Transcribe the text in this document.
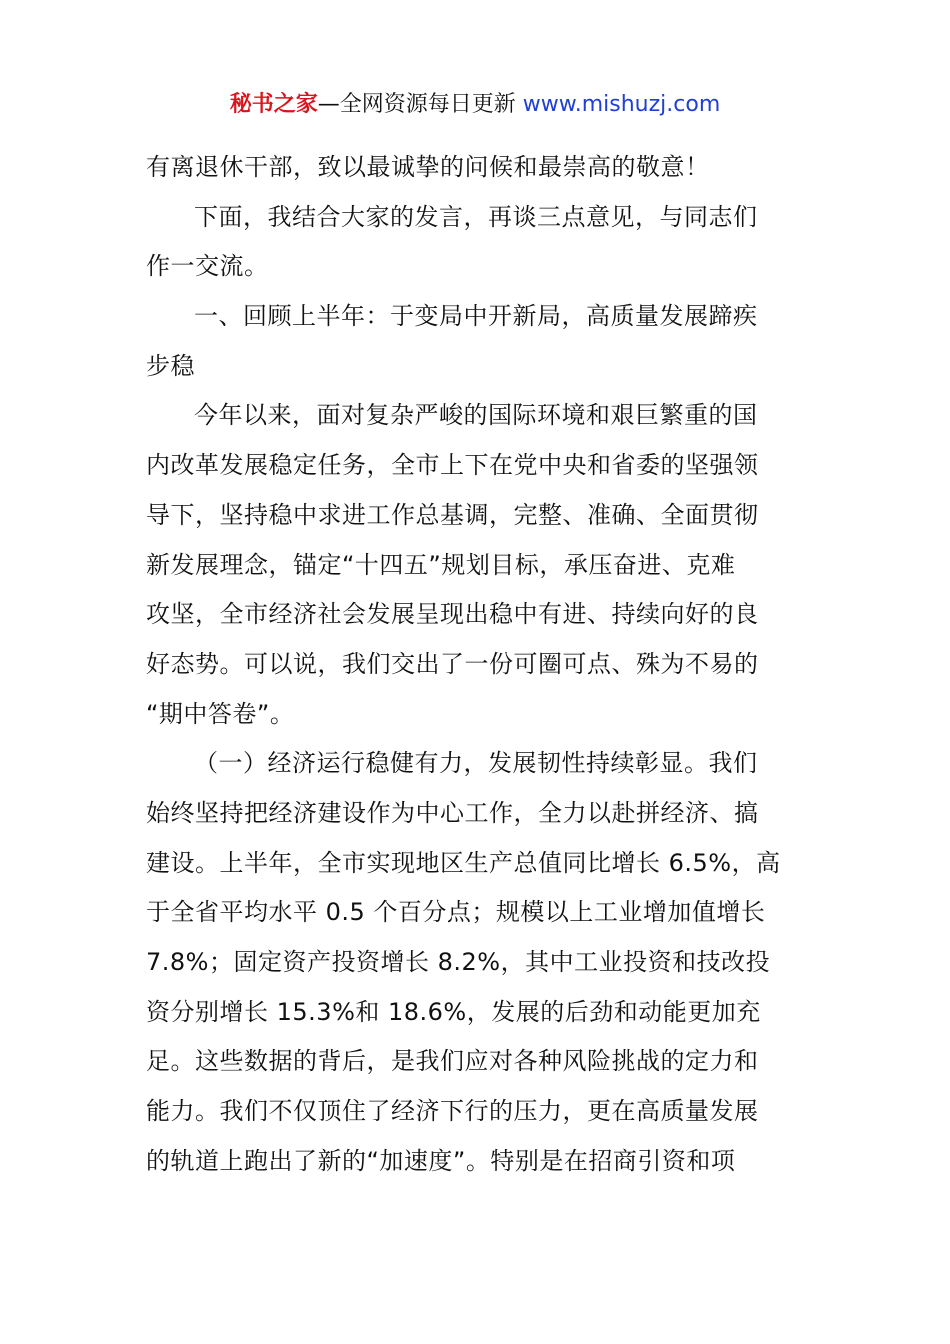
秘书之家—全网资源每日更新 www.mishuzj.com
有离退休干部，致以最诚挚的问候和最崇高的敬意！
下面，我结合大家的发言，再谈三点意见，与同志们
作一交流。
一、回顾上半年：于变局中开新局，高质量发展蹄疾
步稳
今年以来，面对复杂严峻的国际环境和艰巨繁重的国
内改革发展稳定任务，全市上下在党中央和省委的坚强领
导下，坚持稳中求进工作总基调，完整、准确、全面贯彻
新发展理念，锚定“十四五”规划目标，承压奋进、克难
攻坚，全市经济社会发展呈现出稳中有进、持续向好的良
好态势。可以说，我们交出了一份可圈可点、殊为不易的
“期中答卷”。
（一）经济运行稳健有力，发展韧性持续彰显。我们
始终坚持把经济建设作为中心工作，全力以赴拼经济、搞
建设。上半年，全市实现地区生产总值同比增长 6.5%，高
于全省平均水平 0.5 个百分点；规模以上工业增加值增长
7.8%；固定资产投资增长 8.2%，其中工业投资和技改投
资分别增长 15.3%和 18.6%，发展的后劲和动能更加充
足。这些数据的背后，是我们应对各种风险挑战的定力和
能力。我们不仅顶住了经济下行的压力，更在高质量发展
的轨道上跑出了新的“加速度”。特别是在招商引资和项
